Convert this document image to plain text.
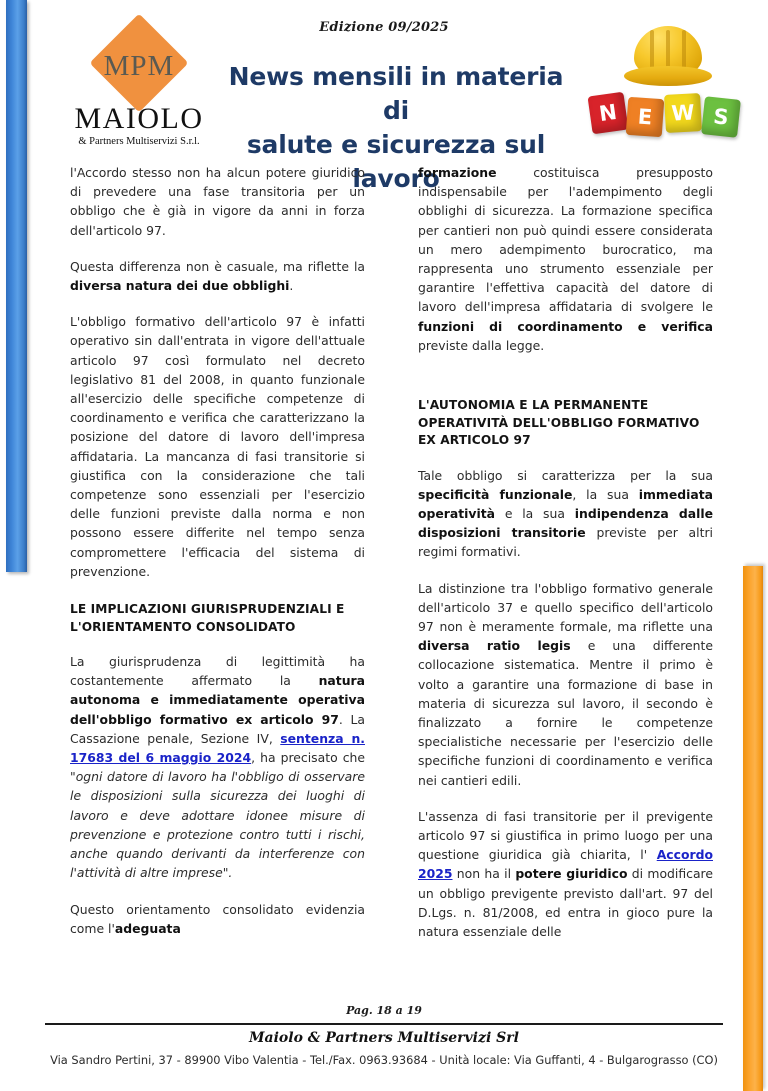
Edizione 09/2025
MPM
MAIOLO
& Partners Multiservizi S.r.l.
News mensili in materia di
salute e sicurezza sul lavoro
N E W S

l'Accordo stesso non ha alcun potere giuridico di prevedere una fase transitoria per un obbligo che è già in vigore da anni in forza dell'articolo 97.

Questa differenza non è casuale, ma riflette la diversa natura dei due obblighi.

L'obbligo formativo dell'articolo 97 è infatti operativo sin dall'entrata in vigore dell'attuale articolo 97 così formulato nel decreto legislativo 81 del 2008, in quanto funzionale all'esercizio delle specifiche competenze di coordinamento e verifica che caratterizzano la posizione del datore di lavoro dell'impresa affidataria. La mancanza di fasi transitorie si giustifica con la considerazione che tali competenze sono essenziali per l'esercizio delle funzioni previste dalla norma e non possono essere differite nel tempo senza compromettere l'efficacia del sistema di prevenzione.

LE IMPLICAZIONI GIURISPRUDENZIALI E L'ORIENTAMENTO CONSOLIDATO

La giurisprudenza di legittimità ha costantemente affermato la natura autonoma e immediatamente operativa dell'obbligo formativo ex articolo 97. La Cassazione penale, Sezione IV, sentenza n. 17683 del 6 maggio 2024, ha precisato che "ogni datore di lavoro ha l'obbligo di osservare le disposizioni sulla sicurezza dei luoghi di lavoro e deve adottare idonee misure di prevenzione e protezione contro tutti i rischi, anche quando derivanti da interferenze con l'attività di altre imprese".

Questo orientamento consolidato evidenzia come l'adeguata

formazione costituisca presupposto indispensabile per l'adempimento degli obblighi di sicurezza. La formazione specifica per cantieri non può quindi essere considerata un mero adempimento burocratico, ma rappresenta uno strumento essenziale per garantire l'effettiva capacità del datore di lavoro dell'impresa affidataria di svolgere le funzioni di coordinamento e verifica previste dalla legge.

L'AUTONOMIA E LA PERMANENTE OPERATIVITÀ DELL'OBBLIGO FORMATIVO EX ARTICOLO 97

Tale obbligo si caratterizza per la sua specificità funzionale, la sua immediata operatività e la sua indipendenza dalle disposizioni transitorie previste per altri regimi formativi.

La distinzione tra l'obbligo formativo generale dell'articolo 37 e quello specifico dell'articolo 97 non è meramente formale, ma riflette una diversa ratio legis e una differente collocazione sistematica. Mentre il primo è volto a garantire una formazione di base in materia di sicurezza sul lavoro, il secondo è finalizzato a fornire le competenze specialistiche necessarie per l'esercizio delle specifiche funzioni di coordinamento e verifica nei cantieri edili.

L'assenza di fasi transitorie per il previgente articolo 97 si giustifica in primo luogo per una questione giuridica già chiarita, l' Accordo 2025 non ha il potere giuridico di modificare un obbligo previgente previsto dall'art. 97 del D.Lgs. n. 81/2008, ed entra in gioco pure la natura essenziale delle

Pag. 18 a 19
Maiolo & Partners Multiservizi Srl
Via Sandro Pertini, 37 - 89900 Vibo Valentia - Tel./Fax. 0963.93684 - Unità locale: Via Guffanti, 4 - Bulgarograsso (CO)
